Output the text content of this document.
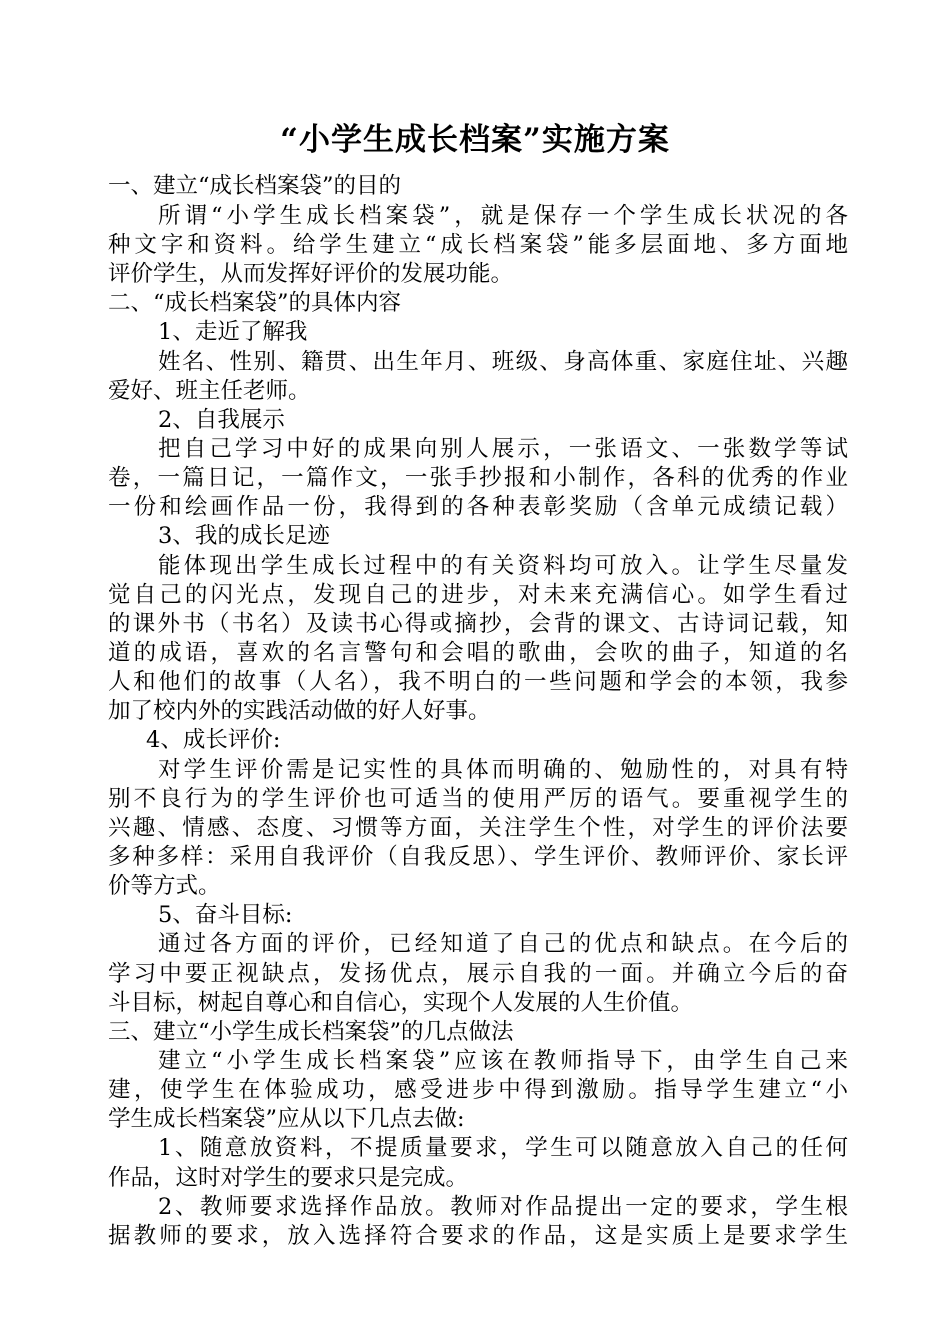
“小学生成长档案”实施方案
一、建立“成长档案袋”的目的
所谓“小学生成长档案袋”，就是保存一个学生成长状况的各
种文字和资料。给学生建立“成长档案袋”能多层面地、多方面地
评价学生，从而发挥好评价的发展功能。
二、“成长档案袋”的具体内容
1、走近了解我
姓名、性别、籍贯、出生年月、班级、身高体重、家庭住址、兴趣
爱好、班主任老师。
2、自我展示
把自己学习中好的成果向别人展示，一张语文、一张数学等试
卷，一篇日记，一篇作文，一张手抄报和小制作，各科的优秀的作业
一份和绘画作品一份，我得到的各种表彰奖励（含单元成绩记载）
3、我的成长足迹
能体现出学生成长过程中的有关资料均可放入。让学生尽量发
觉自己的闪光点，发现自己的进步，对未来充满信心。如学生看过
的课外书（书名）及读书心得或摘抄，会背的课文、古诗词记载，知
道的成语，喜欢的名言警句和会唱的歌曲，会吹的曲子，知道的名
人和他们的故事（人名），我不明白的一些问题和学会的本领，我参
加了校内外的实践活动做的好人好事。
4、成长评价:
对学生评价需是记实性的具体而明确的、勉励性的，对具有特
别不良行为的学生评价也可适当的使用严厉的语气。要重视学生的
兴趣、情感、态度、习惯等方面，关注学生个性，对学生的评价法要
多种多样：采用自我评价（自我反思）、学生评价、教师评价、家长评
价等方式。
5、奋斗目标:
通过各方面的评价，已经知道了自己的优点和缺点。在今后的
学习中要正视缺点，发扬优点，展示自我的一面。并确立今后的奋
斗目标，树起自尊心和自信心，实现个人发展的人生价值。
三、建立“小学生成长档案袋”的几点做法
建立“小学生成长档案袋”应该在教师指导下，由学生自己来
建，使学生在体验成功，感受进步中得到激励。指导学生建立“小
学生成长档案袋”应从以下几点去做:
1、随意放资料，不提质量要求，学生可以随意放入自己的任何
作品，这时对学生的要求只是完成。
2、教师要求选择作品放。教师对作品提出一定的要求，学生根
据教师的要求，放入选择符合要求的作品，这是实质上是要求学生
